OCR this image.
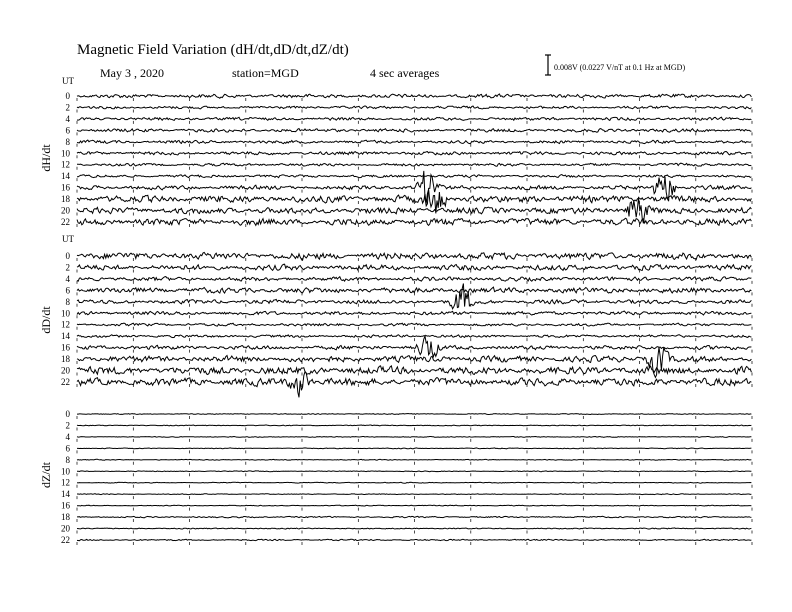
Magnetic Field Variation (dH/dt,dD/dt,dZ/dt)
May 3 , 2020	station=MGD	4 sec averages	0.008V (0.0227 V/nT at 0.1 Hz at MGD)
UT
UT
dH/dt
dD/dt
dZ/dt
0
2
4
6
8
10
12
14
16
18
20
22
0
2
4
6
8
10
12
14
16
18
20
22
0
2
4
6
8
10
12
14
16
18
20
22
